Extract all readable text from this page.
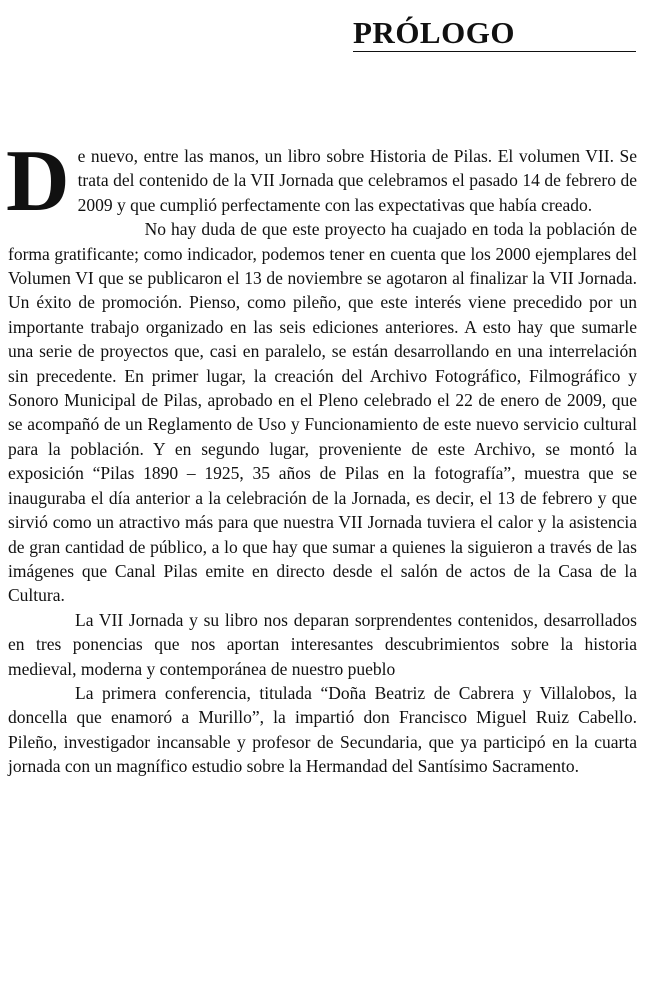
PRÓLOGO

De nuevo, entre las manos, un libro sobre Historia de Pilas. El volumen VII. Se trata del contenido de la VII Jornada que celebramos el pasado 14 de febrero de 2009 y que cumplió perfectamente con las expectativas que había creado.

No hay duda de que este proyecto ha cuajado en toda la población de forma gratificante; como indicador, podemos tener en cuenta que los 2000 ejemplares del Volumen VI que se publicaron el 13 de noviembre se agotaron al finalizar la VII Jornada. Un éxito de promoción. Pienso, como pileño, que este interés viene precedido por un importante trabajo organizado en las seis ediciones anteriores. A esto hay que sumarle una serie de proyectos que, casi en paralelo, se están desarrollando en una interrelación sin precedente. En primer lugar, la creación del Archivo Fotográfico, Filmográfico y Sonoro Municipal de Pilas, aprobado en el Pleno celebrado el 22 de enero de 2009, que se acompañó de un Reglamento de Uso y Funcionamiento de este nuevo servicio cultural para la población. Y en segundo lugar, proveniente de este Archivo, se montó la exposición “Pilas 1890 – 1925, 35 años de Pilas en la fotografía”, muestra que se inauguraba el día anterior a la celebración de la Jornada, es decir, el 13 de febrero y que sirvió como un atractivo más para que nuestra VII Jornada tuviera el calor y la asistencia de gran cantidad de público, a lo que hay que sumar a quienes la siguieron a través de las imágenes que Canal Pilas emite en directo desde el salón de actos de la Casa de la Cultura.

La VII Jornada y su libro nos deparan sorprendentes contenidos, desarrollados en tres ponencias que nos aportan interesantes descubrimientos sobre la historia medieval, moderna y contemporánea de nuestro pueblo

La primera conferencia, titulada “Doña Beatriz de Cabrera y Villalobos, la doncella que enamoró a Murillo”, la impartió don Francisco Miguel Ruiz Cabello. Pileño, investigador incansable y profesor de Secundaria, que ya participó en la cuarta jornada con un magnífico estudio sobre la Hermandad del Santísimo Sacramento.
